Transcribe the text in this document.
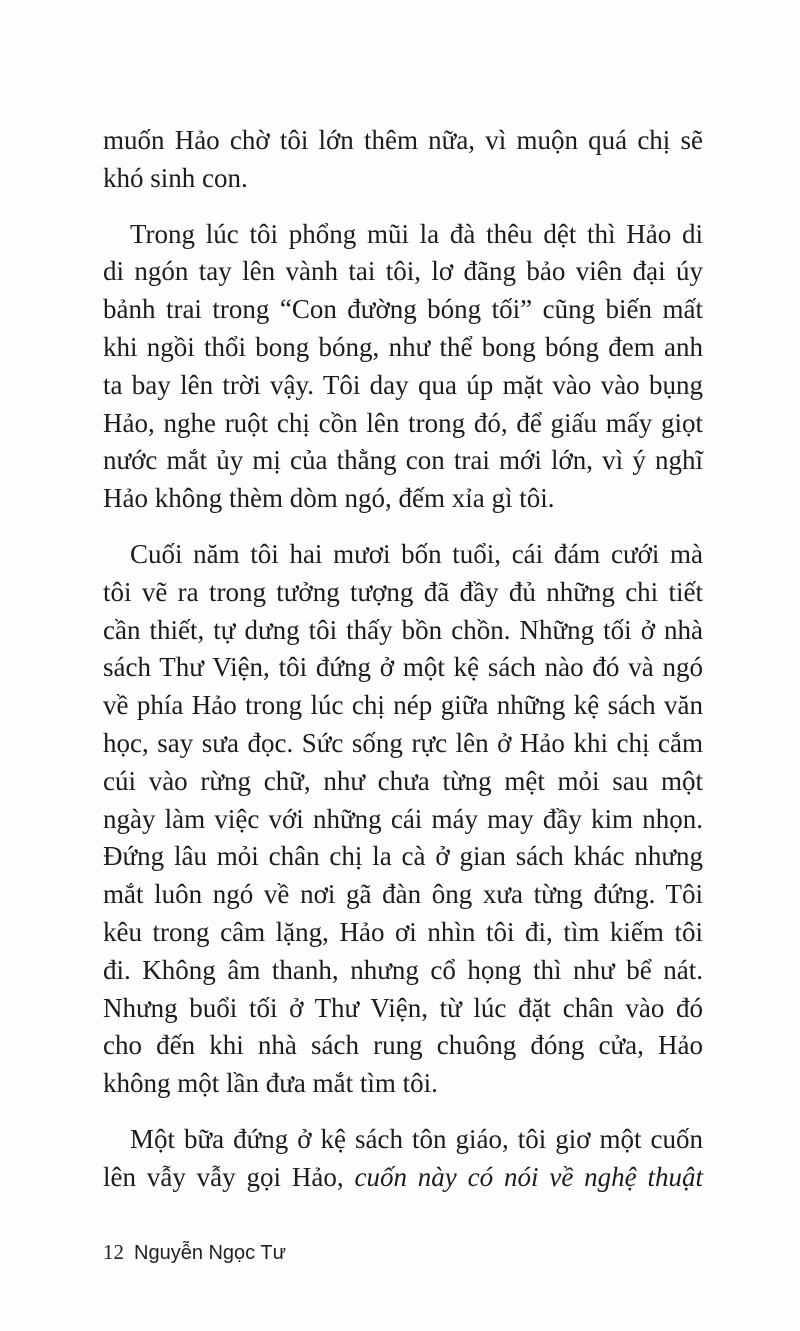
muốn Hảo chờ tôi lớn thêm nữa, vì muộn quá chị sẽ
khó sinh con.
Trong lúc tôi phổng mũi la đà thêu dệt thì Hảo di
di ngón tay lên vành tai tôi, lơ đãng bảo viên đại úy
bảnh trai trong “Con đường bóng tối” cũng biến mất
khi ngồi thổi bong bóng, như thể bong bóng đem anh
ta bay lên trời vậy. Tôi day qua úp mặt vào vào bụng
Hảo, nghe ruột chị cồn lên trong đó, để giấu mấy giọt
nước mắt ủy mị của thằng con trai mới lớn, vì ý nghĩ
Hảo không thèm dòm ngó, đếm xỉa gì tôi.
Cuối năm tôi hai mươi bốn tuổi, cái đám cưới mà
tôi vẽ ra trong tưởng tượng đã đầy đủ những chi tiết
cần thiết, tự dưng tôi thấy bồn chồn. Những tối ở nhà
sách Thư Viện, tôi đứng ở một kệ sách nào đó và ngó
về phía Hảo trong lúc chị nép giữa những kệ sách văn
học, say sưa đọc. Sức sống rực lên ở Hảo khi chị cắm
cúi vào rừng chữ, như chưa từng mệt mỏi sau một
ngày làm việc với những cái máy may đầy kim nhọn.
Đứng lâu mỏi chân chị la cà ở gian sách khác nhưng
mắt luôn ngó về nơi gã đàn ông xưa từng đứng. Tôi
kêu trong câm lặng, Hảo ơi nhìn tôi đi, tìm kiếm tôi
đi. Không âm thanh, nhưng cổ họng thì như bể nát.
Nhưng buổi tối ở Thư Viện, từ lúc đặt chân vào đó
cho đến khi nhà sách rung chuông đóng cửa, Hảo
không một lần đưa mắt tìm tôi.
Một bữa đứng ở kệ sách tôn giáo, tôi giơ một cuốn
lên vẫy vẫy gọi Hảo, cuốn này có nói về nghệ thuật
12 Nguyễn Ngọc Tư
